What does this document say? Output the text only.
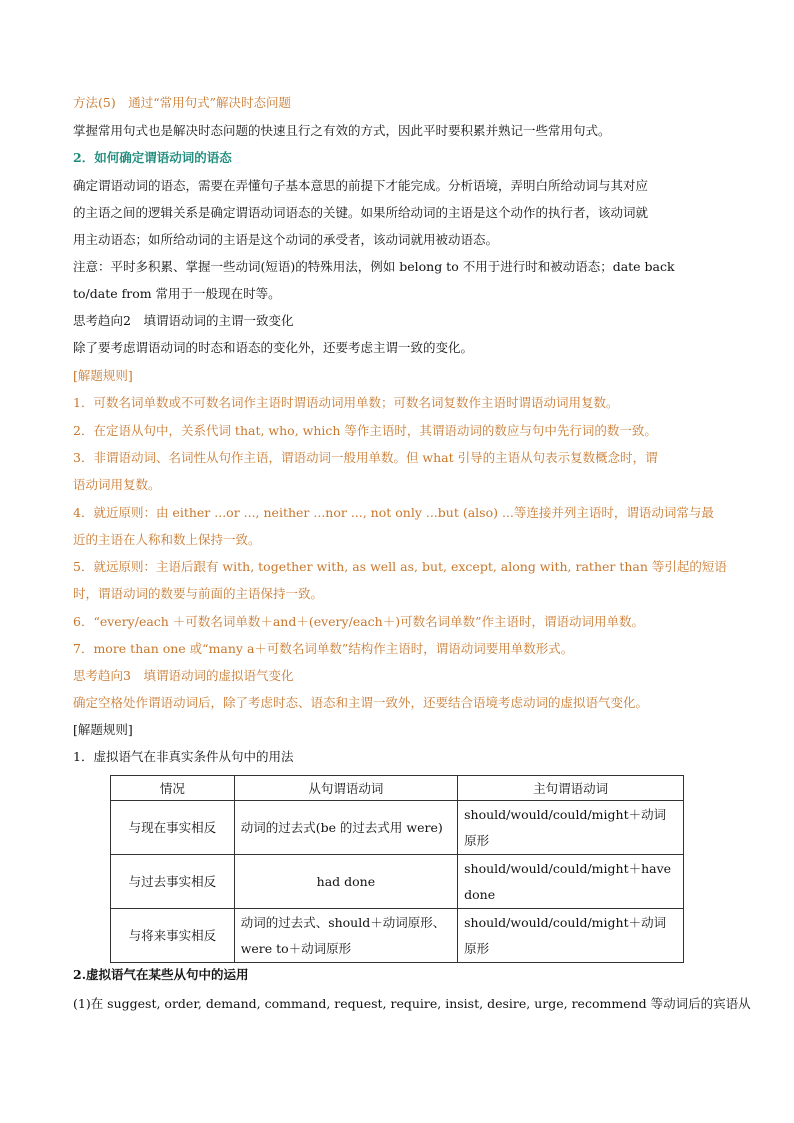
方法(5)　通过“常用句式”解决时态问题
掌握常用句式也是解决时态问题的快速且行之有效的方式，因此平时要积累并熟记一些常用句式。
2．如何确定谓语动词的语态
确定谓语动词的语态，需要在弄懂句子基本意思的前提下才能完成。分析语境，弄明白所给动词与其对应
的主语之间的逻辑关系是确定谓语动词语态的关键。如果所给动词的主语是这个动作的执行者，该动词就
用主动语态；如所给动词的主语是这个动词的承受者，该动词就用被动语态。
注意：平时多积累、掌握一些动词(短语)的特殊用法，例如 belong to 不用于进行时和被动语态；date back
to/date from 常用于一般现在时等。
思考趋向2　填谓语动词的主谓一致变化
除了要考虑谓语动词的时态和语态的变化外，还要考虑主谓一致的变化。
[解题规则]
1．可数名词单数或不可数名词作主语时谓语动词用单数；可数名词复数作主语时谓语动词用复数。
2．在定语从句中，关系代词 that, who, which 等作主语时，其谓语动词的数应与句中先行词的数一致。
3．非谓语动词、名词性从句作主语，谓语动词一般用单数。但 what 引导的主语从句表示复数概念时，谓
语动词用复数。
4．就近原则：由 either ...or ..., neither ...nor ..., not only ...but (also) ...等连接并列主语时，谓语动词常与最
近的主语在人称和数上保持一致。
5．就远原则：主语后跟有 with, together with, as well as, but, except, along with, rather than 等引起的短语
时，谓语动词的数要与前面的主语保持一致。
6．“every/each ＋可数名词单数＋and＋(every/each＋)可数名词单数”作主语时，谓语动词用单数。
7．more than one 或“many a＋可数名词单数”结构作主语时，谓语动词要用单数形式。
思考趋向3　填谓语动词的虚拟语气变化
确定空格处作谓语动词后，除了考虑时态、语态和主谓一致外，还要结合语境考虑动词的虚拟语气变化。
[解题规则]
1．虚拟语气在非真实条件从句中的用法
2.虚拟语气在某些从句中的运用
(1)在 suggest, order, demand, command, request, require, insist, desire, urge, recommend 等动词后的宾语从
情况	从句谓语动词	主句谓语动词
与现在事实相反	动词的过去式(be 的过去式用 were)	should/would/could/might＋动词原形
与过去事实相反	had done	should/would/could/might＋have done
与将来事实相反	动词的过去式、should＋动词原形、were to＋动词原形	should/would/could/might＋动词原形
